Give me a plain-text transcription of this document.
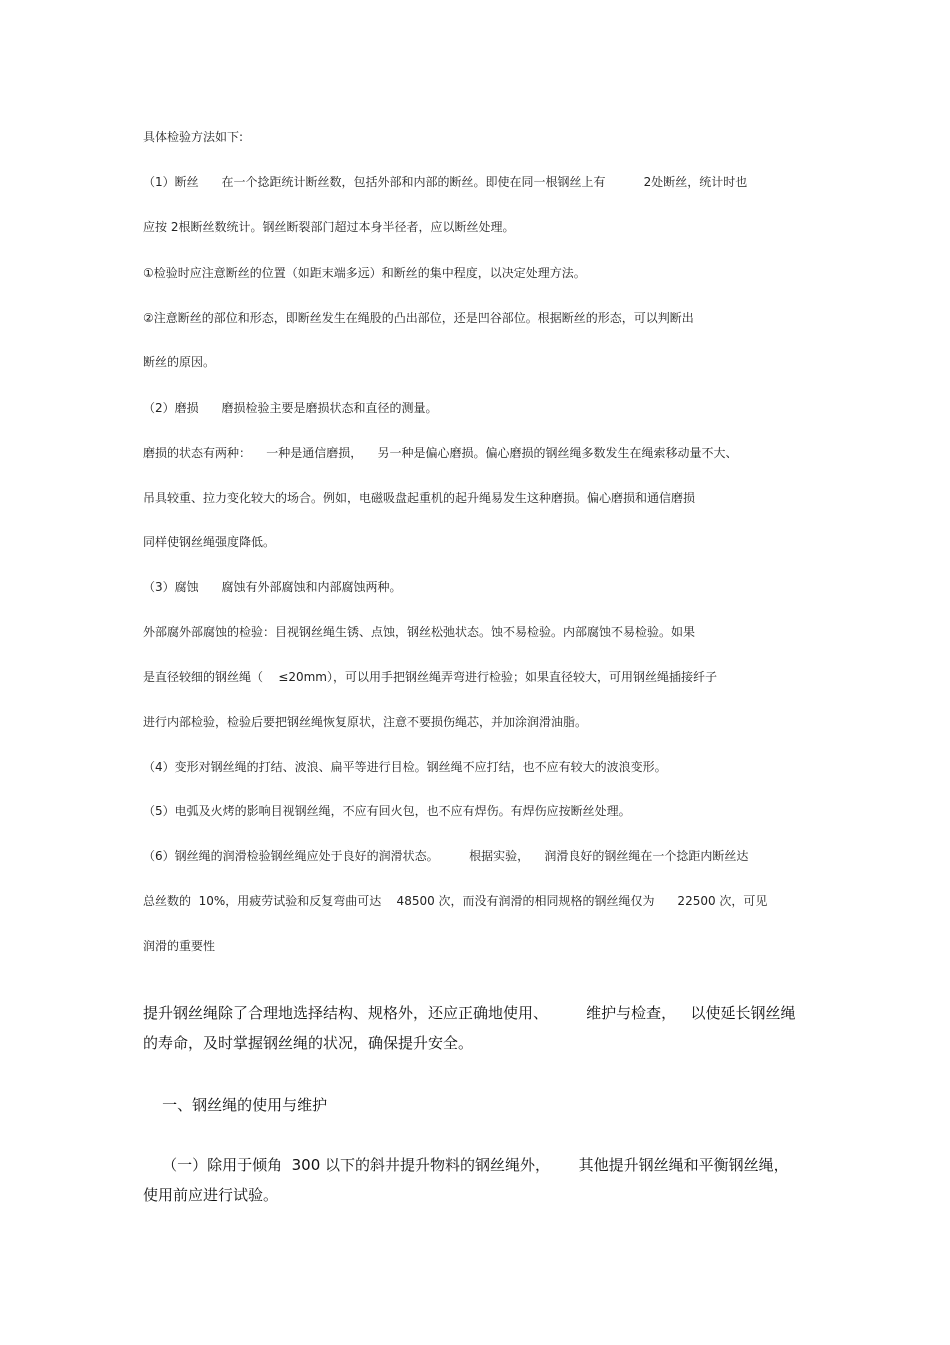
具体检验方法如下:
（1）断丝      在一个捻距统计断丝数，包括外部和内部的断丝。即使在同一根钢丝上有          2处断丝，统计时也
应按 2根断丝数统计。钢丝断裂部门超过本身半径者，应以断丝处理。
①检验时应注意断丝的位置（如距末端多远）和断丝的集中程度，以决定处理方法。
②注意断丝的部位和形态，即断丝发生在绳股的凸出部位，还是凹谷部位。根据断丝的形态，可以判断出
断丝的原因。
（2）磨损      磨损检验主要是磨损状态和直径的测量。
磨损的状态有两种：    一种是通信磨损，    另一种是偏心磨损。偏心磨损的钢丝绳多数发生在绳索移动量不大、
吊具较重、拉力变化较大的场合。例如，电磁吸盘起重机的起升绳易发生这种磨损。偏心磨损和通信磨损
同样使钢丝绳强度降低。
（3）腐蚀      腐蚀有外部腐蚀和内部腐蚀两种。
外部腐外部腐蚀的检验：目视钢丝绳生锈、点蚀，钢丝松弛状态。蚀不易检验。内部腐蚀不易检验。如果
是直径较细的钢丝绳（    ≤20mm），可以用手把钢丝绳弄弯进行检验；如果直径较大，可用钢丝绳插接纤子
进行内部检验，检验后要把钢丝绳恢复原状，注意不要损伤绳芯，并加涂润滑油脂。
（4）变形对钢丝绳的打结、波浪、扁平等进行目检。钢丝绳不应打结，也不应有较大的波浪变形。
（5）电弧及火烤的影响目视钢丝绳，不应有回火包，也不应有焊伤。有焊伤应按断丝处理。
（6）钢丝绳的润滑检验钢丝绳应处于良好的润滑状态。        根据实验，    润滑良好的钢丝绳在一个捻距内断丝达
总丝数的  10%，用疲劳试验和反复弯曲可达    48500 次，而没有润滑的相同规格的钢丝绳仅为      22500 次，可见
润滑的重要性
提升钢丝绳除了合理地选择结构、规格外，还应正确地使用、        维护与检查，   以使延长钢丝绳
的寿命，及时掌握钢丝绳的状况，确保提升安全。
一、钢丝绳的使用与维护
（一）除用于倾角  300 以下的斜井提升物料的钢丝绳外，      其他提升钢丝绳和平衡钢丝绳，
使用前应进行试验。
